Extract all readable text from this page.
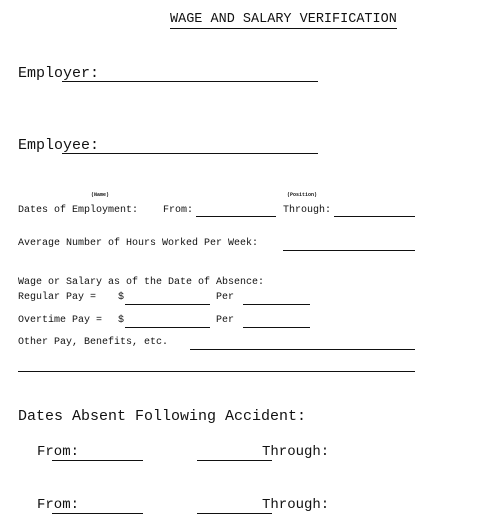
WAGE AND SALARY VERIFICATION
Employer:
Employee:
(Name)	(Position)
Dates of Employment: From:	Through:
Average Number of Hours Worked Per Week:
Wage or Salary as of the Date of Absence:
Regular Pay = $	Per
Overtime Pay = $	Per
Other Pay, Benefits, etc.
Dates Absent Following Accident:
From:	Through:
From:	Through:
